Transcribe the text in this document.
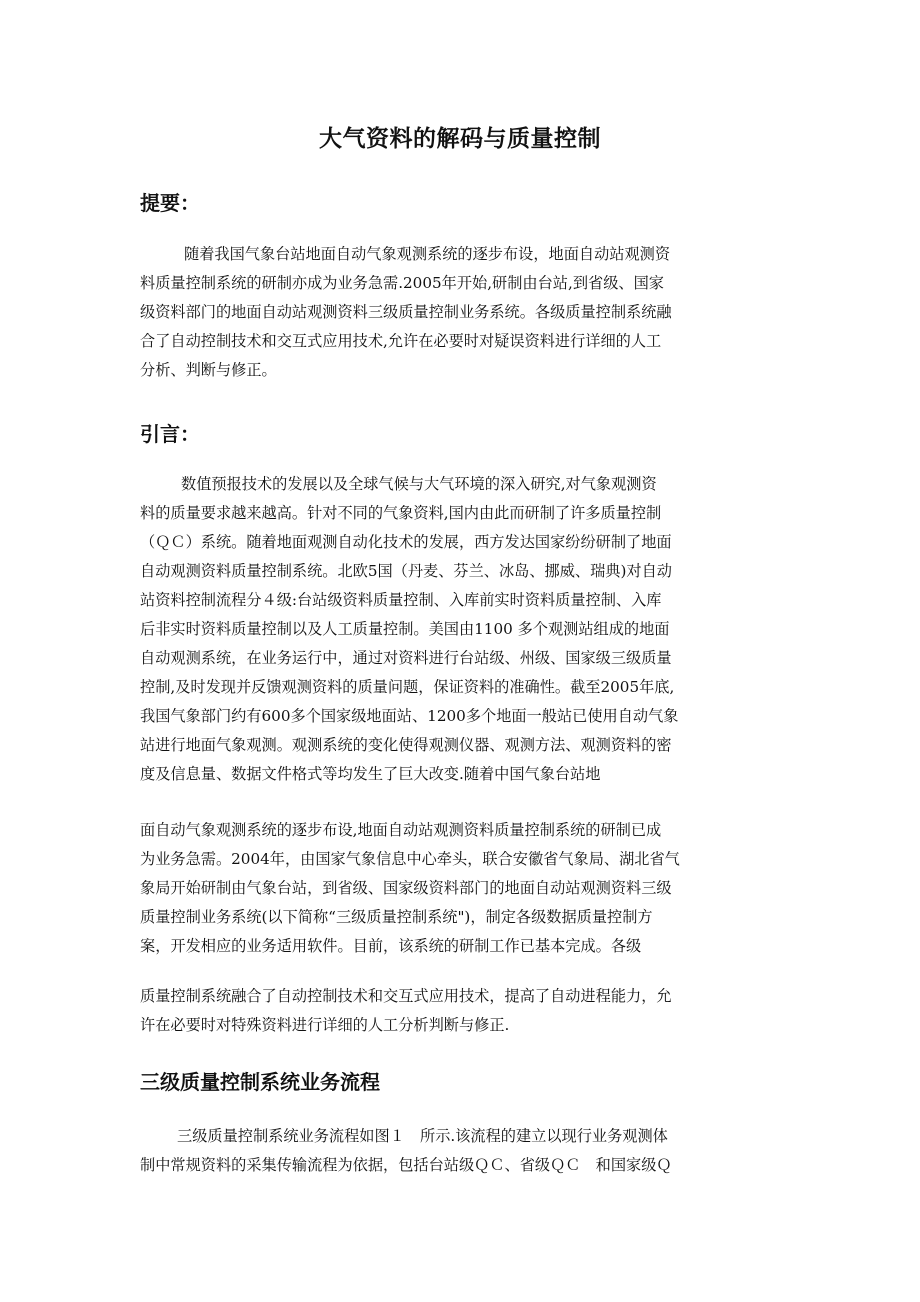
大气资料的解码与质量控制
提要：

随着我国气象台站地面自动气象观测系统的逐步布设，地面自动站观测资
料质量控制系统的研制亦成为业务急需.2005年开始,研制由台站,到省级、国家
级资料部门的地面自动站观测资料三级质量控制业务系统。各级质量控制系统融
合了自动控制技术和交互式应用技术,允许在必要时对疑误资料进行详细的人工
分析、判断与修正。

引言：

数值预报技术的发展以及全球气候与大气环境的深入研究,对气象观测资
料的质量要求越来越高。针对不同的气象资料,国内由此而研制了许多质量控制
（ＱＣ）系统。随着地面观测自动化技术的发展，西方发达国家纷纷研制了地面
自动观测资料质量控制系统。北欧5国（丹麦、芬兰、冰岛、挪威、瑞典)对自动
站资料控制流程分４级:台站级资料质量控制、入库前实时资料质量控制、入库
后非实时资料质量控制以及人工质量控制。美国由1100 多个观测站组成的地面
自动观测系统，在业务运行中，通过对资料进行台站级、州级、国家级三级质量
控制,及时发现并反馈观测资料的质量问题，保证资料的准确性。截至2005年底,
我国气象部门约有600多个国家级地面站、1200多个地面一般站已使用自动气象
站进行地面气象观测。观测系统的变化使得观测仪器、观测方法、观测资料的密
度及信息量、数据文件格式等均发生了巨大改变.随着中国气象台站地

面自动气象观测系统的逐步布设,地面自动站观测资料质量控制系统的研制已成
为业务急需。2004年，由国家气象信息中心牵头，联合安徽省气象局、湖北省气
象局开始研制由气象台站，到省级、国家级资料部门的地面自动站观测资料三级
质量控制业务系统(以下简称“三级质量控制系统")，制定各级数据质量控制方
案，开发相应的业务适用软件。目前，该系统的研制工作已基本完成。各级

质量控制系统融合了自动控制技术和交互式应用技术，提高了自动进程能力，允
许在必要时对特殊资料进行详细的人工分析判断与修正.

三级质量控制系统业务流程

三级质量控制系统业务流程如图１　所示.该流程的建立以现行业务观测体
制中常规资料的采集传输流程为依据，包括台站级ＱＣ、省级ＱＣ　和国家级Ｑ
